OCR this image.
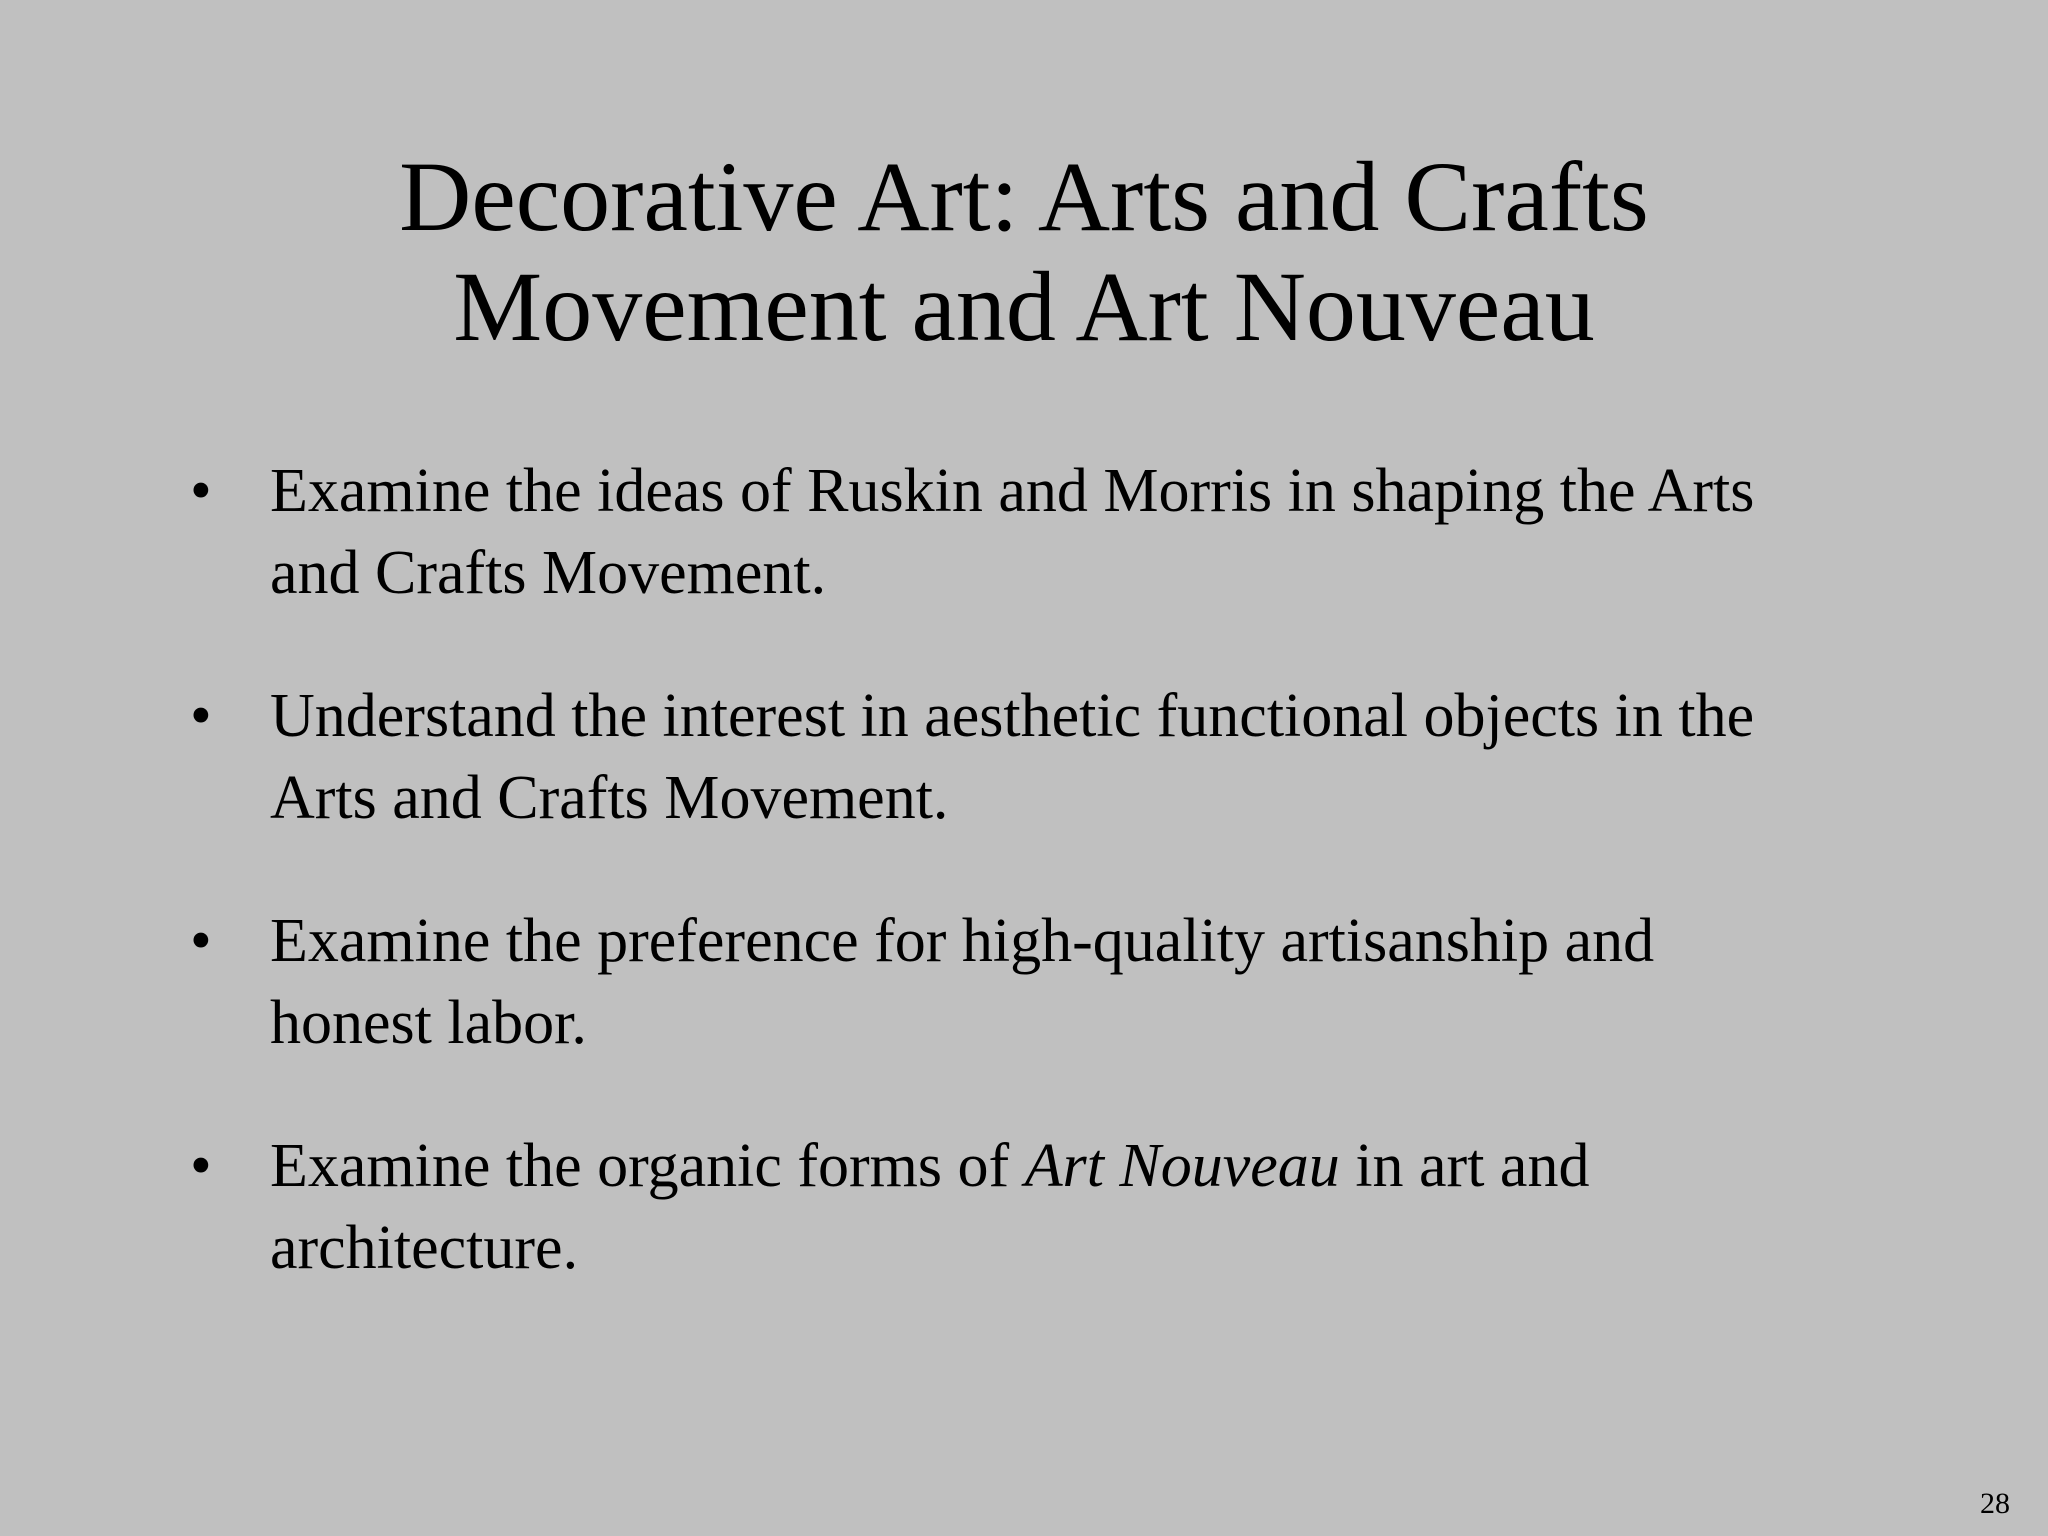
Decorative Art: Arts and Crafts
Movement and Art Nouveau
• Examine the ideas of Ruskin and Morris in shaping the Arts
and Crafts Movement.
• Understand the interest in aesthetic functional objects in the
Arts and Crafts Movement.
• Examine the preference for high-quality artisanship and
honest labor.
• Examine the organic forms of Art Nouveau in art and
architecture.
28
